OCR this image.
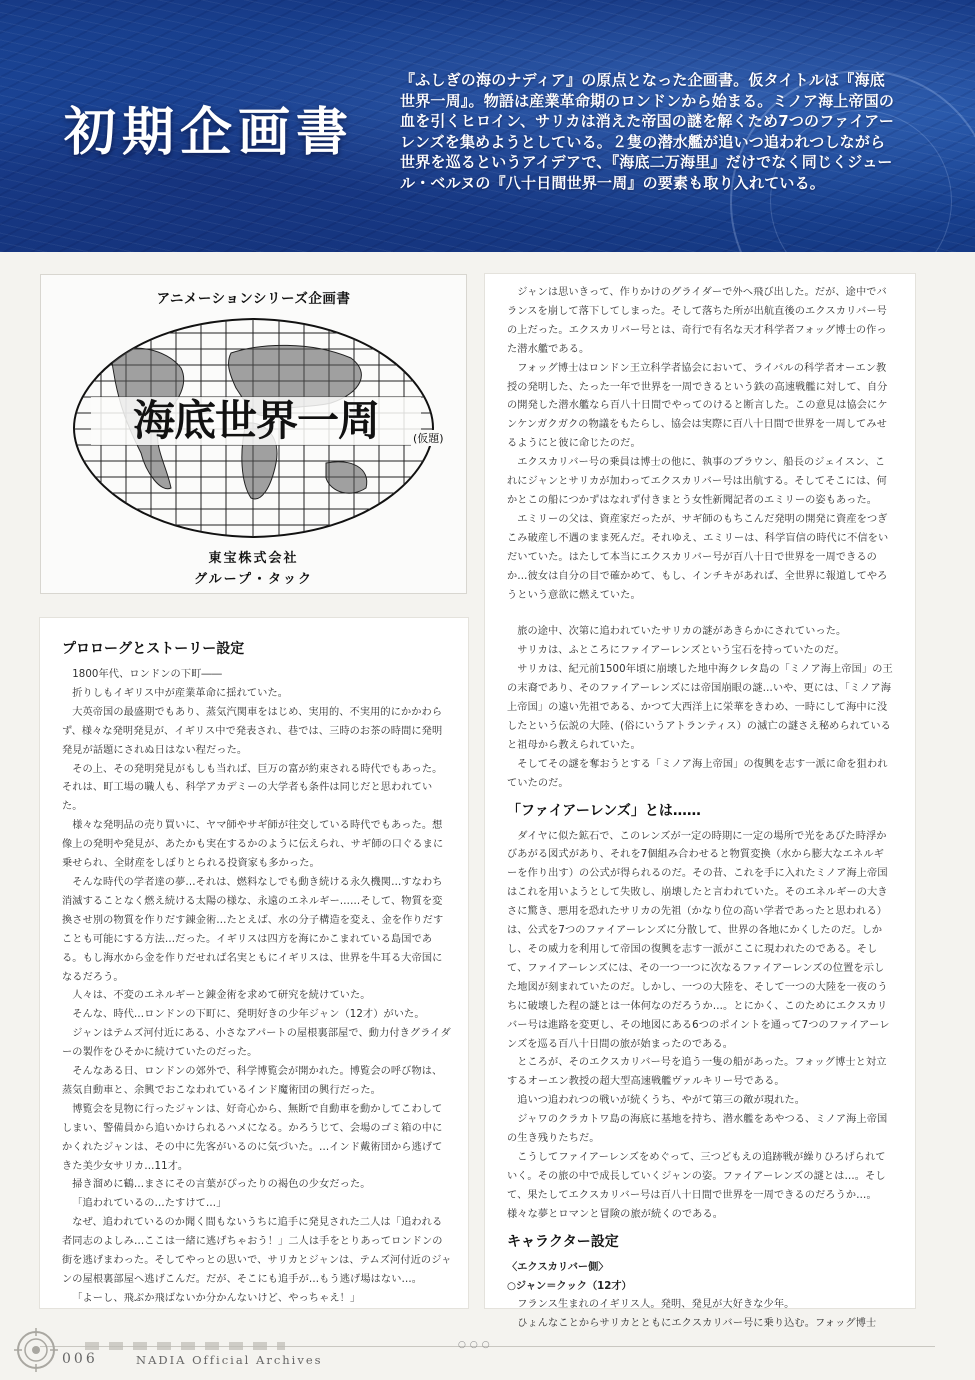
初期企画書

『ふしぎの海のナディア』の原点となった企画書。仮タイトルは『海底世界一周』。物語は産業革命期のロンドンから始まる。ミノア海上帝国の血を引くヒロイン、サリカは消えた帝国の謎を解くため7つのファイアーレンズを集めようとしている。２隻の潜水艦が追いつ追われつしながら世界を巡るというアイデアで、『海底二万海里』だけでなく同じくジュール・ベルヌの『八十日間世界一周』の要素も取り入れている。

アニメーションシリーズ企画書
海底世界一周	(仮題)
東宝株式会社
グループ・タック
プロローグとストーリー設定

1800年代、ロンドンの下町――

折りしもイギリス中が産業革命に揺れていた。

大英帝国の最盛期でもあり、蒸気汽関車をはじめ、実用的、不実用的にかかわらず、様々な発明発見が、イギリス中で発表され、巷では、三時のお茶の時間に発明発見が話題にされぬ日はない程だった。

その上、その発明発見がもしも当れば、巨万の富が約束される時代でもあった。それは、町工場の職人も、科学アカデミーの大学者も条件は同じだと思われていた。

様々な発明品の売り買いに、ヤマ師やサギ師が往交している時代でもあった。想像上の発明や発見が、あたかも実在するかのように伝えられ、サギ師の口ぐるまに乗せられ、全財産をしぼりとられる投資家も多かった。

そんな時代の学者達の夢…それは、燃料なしでも動き続ける永久機関…すなわち消滅することなく燃え続ける太陽の様な、永遠のエネルギー……そして、物質を変換させ別の物質を作りだす錬金術…たとえば、水の分子構造を変え、金を作りだすことも可能にする方法…だった。イギリスは四方を海にかこまれている島国である。もし海水から金を作りだせれば名実ともにイギリスは、世界を牛耳る大帝国になるだろう。

人々は、不変のエネルギーと錬金術を求めて研究を続けていた。

そんな、時代…ロンドンの下町に、発明好きの少年ジャン（12才）がいた。

ジャンはテムズ河付近にある、小さなアパートの屋根裏部屋で、動力付きグライダーの製作をひそかに続けていたのだった。

そんなある日、ロンドンの郊外で、科学博覧会が開かれた。博覧会の呼び物は、蒸気自動車と、余興でおこなわれているインド魔術団の興行だった。

博覧会を見物に行ったジャンは、好奇心から、無断で自動車を動かしてこわしてしまい、警備員から追いかけられるハメになる。かろうじて、会場のゴミ箱の中にかくれたジャンは、その中に先客がいるのに気づいた。…インド戴術団から逃げてきた美少女サリカ…11才。

掃き溜めに鶴…まさにその言葉がぴったりの褐色の少女だった。

「追われているの…たすけて…」

なぜ、追われているのか聞く間もないうちに追手に発見された二人は「追われる者同志のよしみ…ここは一緒に逃げちゃおう！」二人は手をとりあってロンドンの街を逃げまわった。そしてやっとの思いで、サリカとジャンは、テムズ河付近のジャンの屋根裏部屋へ逃げこんだ。だが、そこにも追手が…もう逃げ場はない…。

「よーし、飛ぶか飛ばないか分かんないけど、やっちゃえ！」

ジャンは思いきって、作りかけのグライダーで外へ飛び出した。だが、途中でバランスを崩して落下してしまった。そして落ちた所が出航直後のエクスカリバー号の上だった。エクスカリバー号とは、奇行で有名な天才科学者フォッグ博士の作った潜水艦である。

フォッグ博士はロンドン王立科学者協会において、ライバルの科学者オーエン教授の発明した、たった一年で世界を一周できるという鉄の高速戦艦に対して、自分の開発した潜水艦なら百八十日間でやってのけると断言した。この意見は協会にケンケンガクガクの物議をもたらし、協会は実際に百八十日間で世界を一周してみせるようにと彼に命じたのだ。

エクスカリバー号の乗員は博士の他に、執事のブラウン、船長のジェイスン、これにジャンとサリカが加わってエクスカリバー号は出航する。そしてそこには、何かとこの船につかずはなれず付きまとう女性新聞記者のエミリーの姿もあった。

エミリーの父は、資産家だったが、サギ師のもちこんだ発明の開発に資産をつぎこみ破産し不遇のまま死んだ。それゆえ、エミリーは、科学盲信の時代に不信をいだいていた。はたして本当にエクスカリバー号が百八十日で世界を一周できるのか…彼女は自分の目で確かめて、もし、インチキがあれば、全世界に報道してやろうという意欲に燃えていた。

旅の途中、次第に追われていたサリカの謎があきらかにされていった。

サリカは、ふところにファイアーレンズという宝石を持っていたのだ。

サリカは、紀元前1500年頃に崩壊した地中海クレタ島の「ミノア海上帝国」の王の末裔であり、そのファイアーレンズには帝国崩眼の謎…いや、更には、「ミノア海上帝国」の遠い先祖である、かつて大西洋上に栄華をきわめ、一時にして海中に没したという伝説の大陸、(俗にいうアトランティス）の滅亡の謎さえ秘められていると祖母から教えられていた。

そしてその謎を奪おうとする「ミノア海上帝国」の復興を志す一派に命を狙われていたのだ。

「ファイアーレンズ」とは……

ダイヤに似た鉱石で、このレンズが一定の時期に一定の場所で光をあびた時浮かびあがる図式があり、それを7個組み合わせると物質変換（水から膨大なエネルギーを作り出す）の公式が得られるのだ。その昔、これを手に入れたミノア海上帝国はこれを用いようとして失敗し、崩壊したと言われていた。そのエネルギーの大きさに驚き、悪用を恐れたサリカの先祖（かなり位の高い学者であったと思われる）は、公式を7つのファイアーレンズに分散して、世界の各地にかくしたのだ。しかし、その威力を利用して帝国の復興を志す一派がここに現われたのである。そして、ファイアーレンズには、その一つ一つに次なるファイアーレンズの位置を示した地図が刻まれていたのだ。しかし、一つの大陸を、そして一つの大陸を一夜のうちに破壊した程の謎とは一体何なのだろうか…。とにかく、このためにエクスカリバー号は進路を変更し、その地図にある6つのポイントを通って7つのファイアーレンズを巡る百八十日間の旅が始まったのである。

ところが、そのエクスカリバー号を追う一隻の船があった。フォッグ博士と対立するオーエン教授の超大型高速戦艦ヴァルキリー号である。

追いつ追われつの戦いが続くうち、やがて第三の敵が現れた。

ジャワのクラカトワ島の海底に基地を持ち、潜水艦をあやつる、ミノア海上帝国の生き残りたちだ。

こうしてファイアーレンズをめぐって、三つどもえの追跡戦が繰りひろげられていく。その旅の中で成長していくジャンの姿。ファイアーレンズの謎とは…。そして、果たしてエクスカリバー号は百八十日間で世界を一周できるのだろうか…。様々な夢とロマンと冒険の旅が続くのである。

キャラクター設定

〈エクスカリバー側〉

○ジャン＝クック（12才）

フランス生まれのイギリス人。発明、発見が大好きな少年。

ひょんなことからサリカとともにエクスカリバー号に乗り込む。フォッグ博士

006	NADIA Official Archives
○○○
